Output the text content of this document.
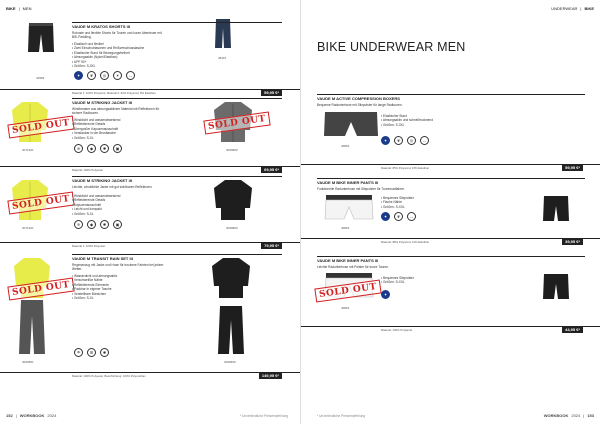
BIKE | MEN
43683
45467
VAUDE M KRATOS SHORTS III
Robuste und flexible Shorts für Touren und kurze Abenteuer mit BIE-Paddling.
• Elastisch und flexibel
• Zwei Einschubtaschen und Reißverschlusstasche
• Elastischer Bund für Bewegungsfreiheit
• Atmungsaktiv (Nylon/Elasthan)
• UPF 50+
• Größen: S-3XL
✦	❦	◎	☀	↔
Material 1: 100% Polyamid, Material 2: 92% Polyamid, 8% Elasthan	59,95 €*
SOLD OUT
3071301
SOLD OUT
3069800
VAUDE M STRIKING JACKET III
Windbreaker aus atmungsaktivem Material mit Reflektoren für sichere Radtouren.
• Winddicht und wasserabweisend
• Reflektierende Details
• Übergroßer Kapuzenausschnitt
• Verstaubar in der Brusttasche
• Größen: S-XL
≋	◆	✺	▣
Material: 100% Polyester	69,95 €*
SOLD OUT
3071301	3069800
VAUDE M STRIKING JACKET III
Leichte, winddichte Jacke mit gut sichtbaren Reflektoren.
• Winddicht und wasserabweisend
• Reflektierende Details
• Kapuzenausschnitt
• Leicht und kompakt
• Größen: S-XL
≋	◆	✺	▣
Material 1: 100% Polyester	79,95 €*
SOLD OUT
3060851	3069600
VAUDE M TRANSIT RAIN SET III
Regenanzug mit Jacke und Hose für trockene Fahrten bei jedem Wetter.
• Wasserdicht und atmungsaktiv
• Verschweißte Nähte
• Reflektierende Elemente
• Packbar in eigener Tasche
• Verstellbare Bündchen
• Größen: S-XL
☂	⊞	✺
Material: 100% Polyester, Beschichtung: 100% Polyurethan	149,95 €*
152 | WORKBOOK 2024	* Unverbindliche Preisempfehlung
UNDERWEAR | BIKE
BIKE UNDERWEAR MEN
VAUDE M ACTIVE COMPRESSION BOXERS
Bequeme Radunterhose mit Sitzpolster für lange Radtouren.
• Elastischer Bund
• Atmungsaktiv und schnelltrocknend
• Größen: S-3XL
✦	❦	◎	↔
40862
Material: 85% Polyamid, 15% Elasthan	59,95 €*
VAUDE M BIKE INNER PANTS III
Funktionelle Radunterhose mit Sitzpolster für Tourenradfahrer.
• Bequemes Sitzpolster
• Flache Nähte
• Größen: S-XXL
✦	❦	↔
40863
Material: 88% Polyamid, 12% Elasthan	39,95 €*
VAUDE M BIKE INNER PANTS III
Leichte Radunterhose mit Polster für kurze Touren.
SOLD OUT
• Bequemes Sitzpolster
• Größen: S-XXL
✦
40864
Material: 100% Polyamid	44,95 €*
* Unverbindliche Preisempfehlung	WORKBOOK 2024 | 153
